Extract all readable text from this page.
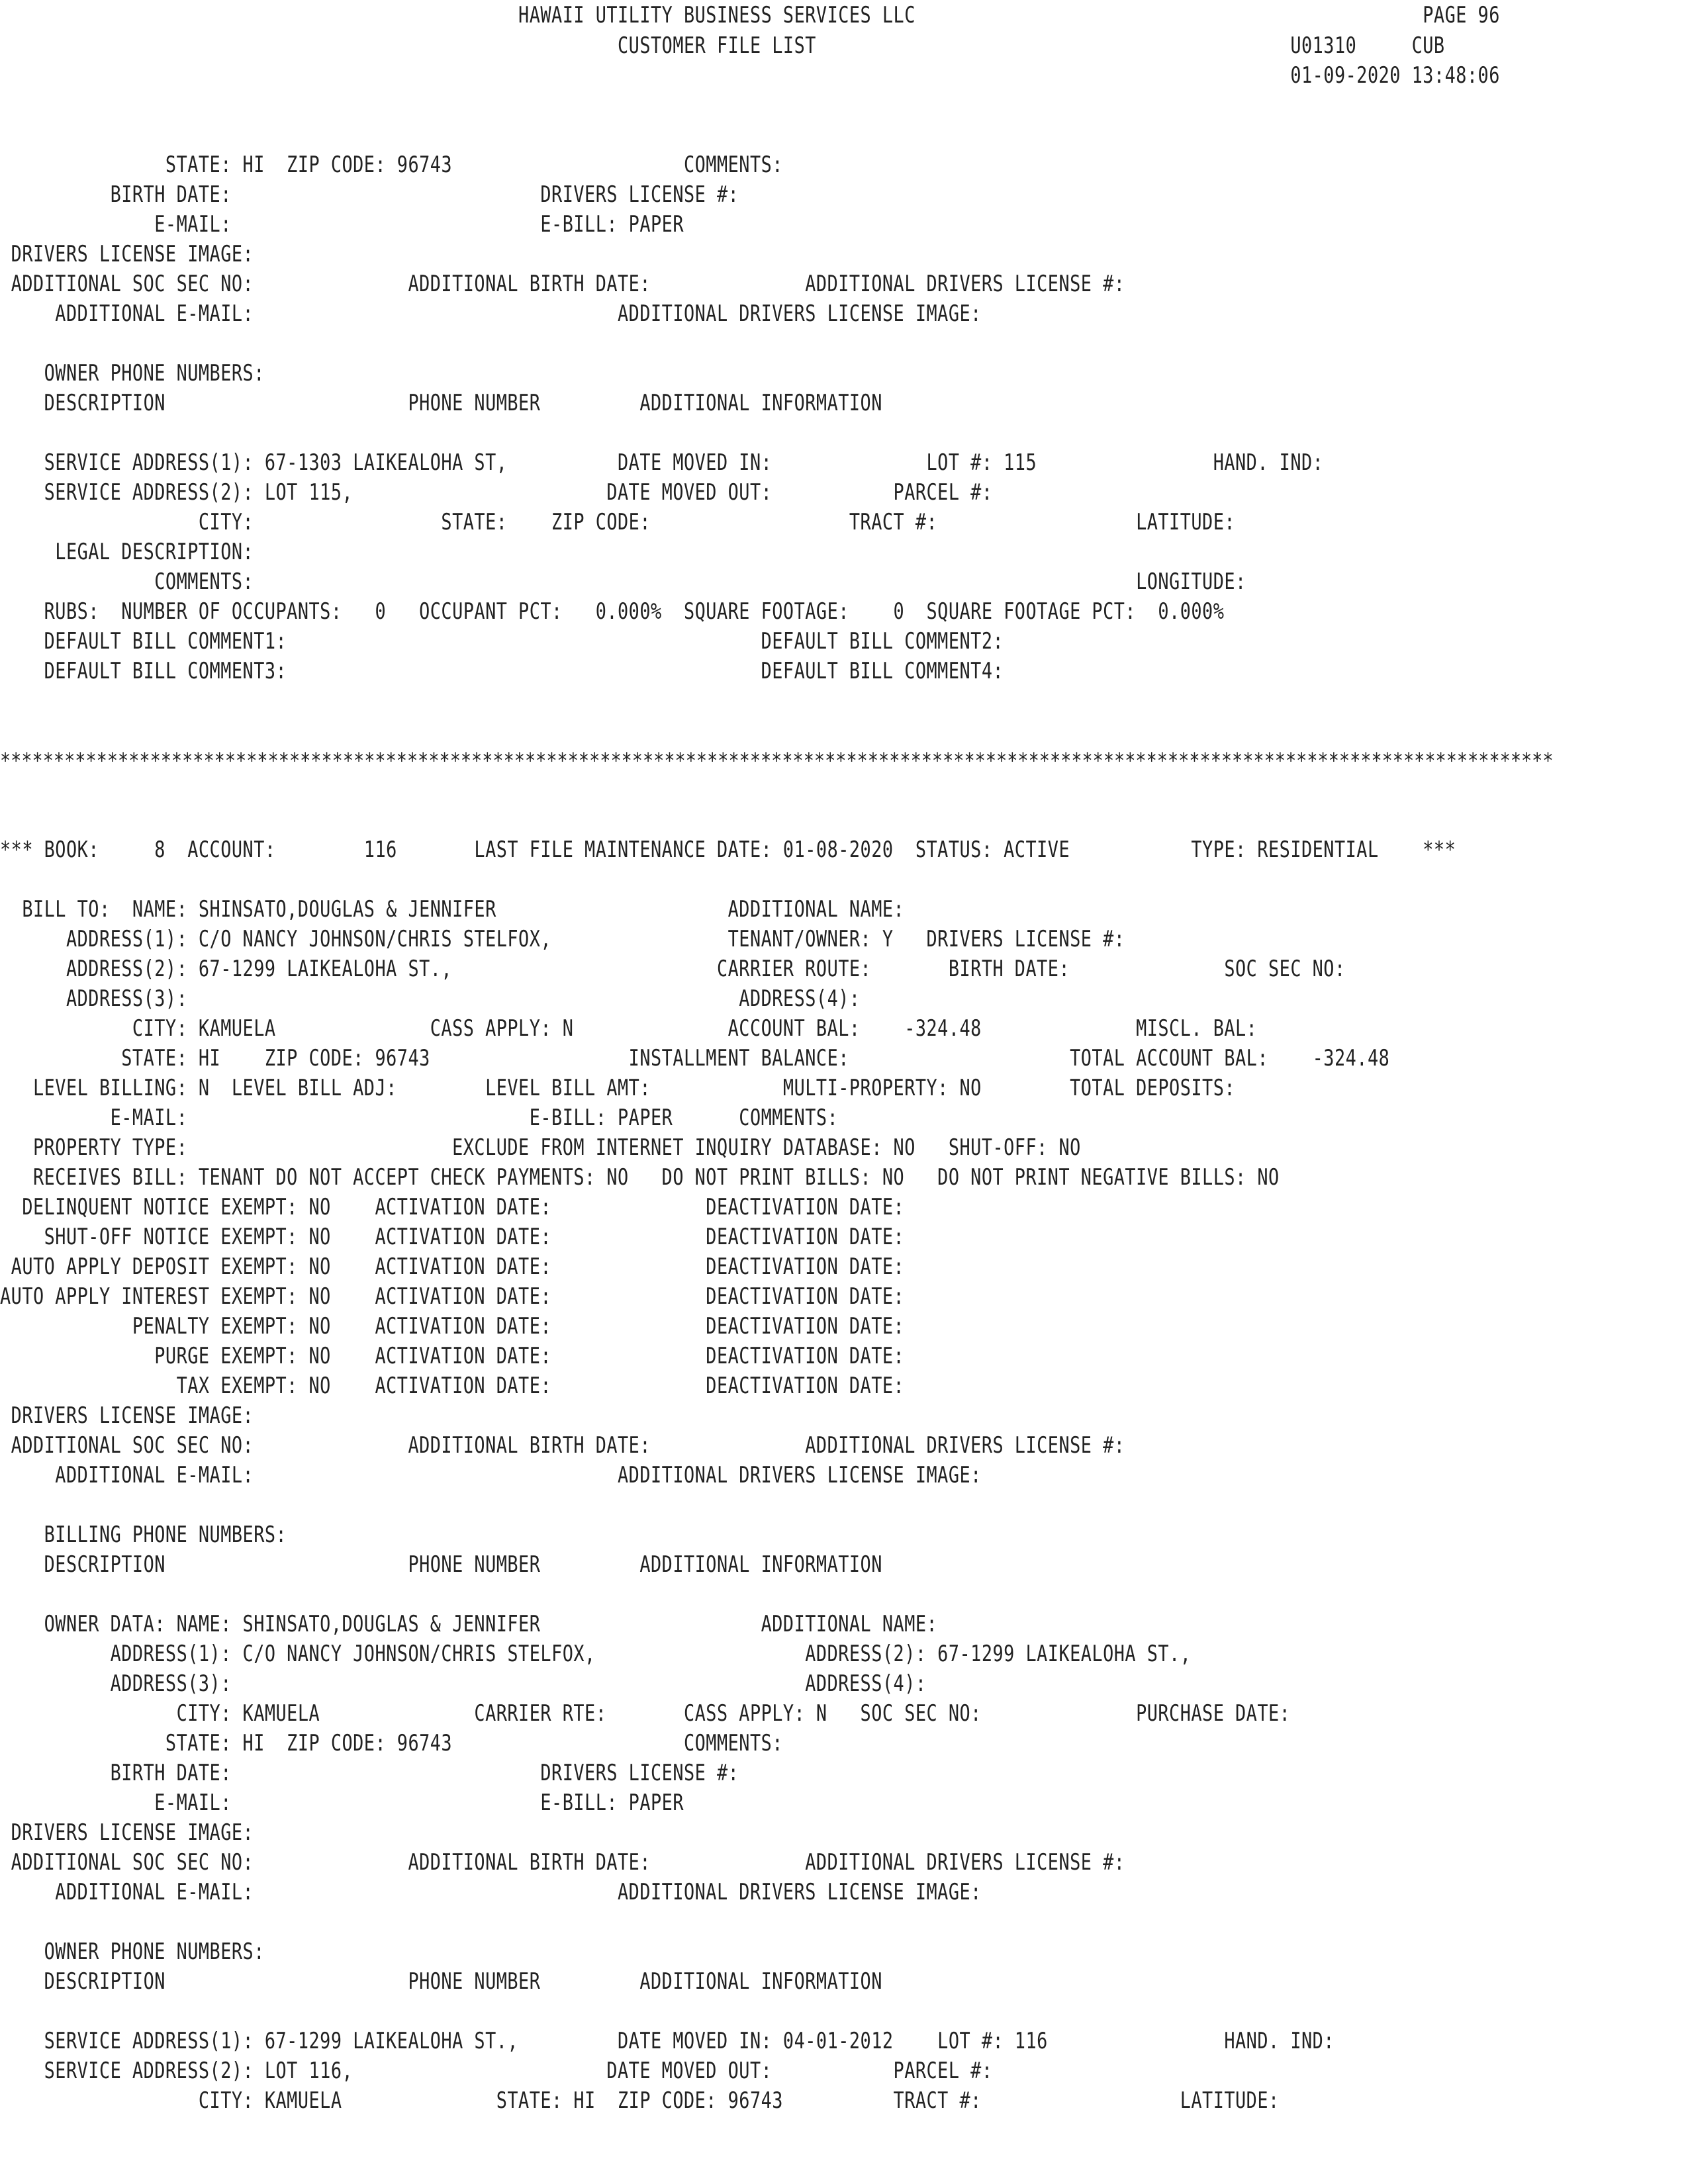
HAWAII UTILITY BUSINESS SERVICES LLC                                              PAGE 96
CUSTOMER FILE LIST                                           U01310     CUB
01-09-2020 13:48:06
STATE: HI  ZIP CODE: 96743                     COMMENTS:
BIRTH DATE:                            DRIVERS LICENSE #:
E-MAIL:                            E-BILL: PAPER
DRIVERS LICENSE IMAGE:
ADDITIONAL SOC SEC NO:              ADDITIONAL BIRTH DATE:              ADDITIONAL DRIVERS LICENSE #:
ADDITIONAL E-MAIL:                                 ADDITIONAL DRIVERS LICENSE IMAGE:
OWNER PHONE NUMBERS:
DESCRIPTION                      PHONE NUMBER         ADDITIONAL INFORMATION
SERVICE ADDRESS(1): 67-1303 LAIKEALOHA ST,          DATE MOVED IN:              LOT #: 115                HAND. IND:
SERVICE ADDRESS(2): LOT 115,                       DATE MOVED OUT:           PARCEL #:
CITY:                 STATE:    ZIP CODE:                  TRACT #:                  LATITUDE:
LEGAL DESCRIPTION:
COMMENTS:                                                                                LONGITUDE:
RUBS:  NUMBER OF OCCUPANTS:   0   OCCUPANT PCT:   0.000%  SQUARE FOOTAGE:    0  SQUARE FOOTAGE PCT:  0.000%
DEFAULT BILL COMMENT1:                                           DEFAULT BILL COMMENT2:
DEFAULT BILL COMMENT3:                                           DEFAULT BILL COMMENT4:
*************************************************************************************************************************************************
*** BOOK:     8  ACCOUNT:        116       LAST FILE MAINTENANCE DATE: 01-08-2020  STATUS: ACTIVE           TYPE: RESIDENTIAL    ***
BILL TO:  NAME: SHINSATO,DOUGLAS & JENNIFER                     ADDITIONAL NAME:
ADDRESS(1): C/O NANCY JOHNSON/CHRIS STELFOX,                TENANT/OWNER: Y   DRIVERS LICENSE #:
ADDRESS(2): 67-1299 LAIKEALOHA ST.,                        CARRIER ROUTE:       BIRTH DATE:              SOC SEC NO:
ADDRESS(3):                                                  ADDRESS(4):
CITY: KAMUELA              CASS APPLY: N              ACCOUNT BAL:    -324.48              MISCL. BAL:
STATE: HI    ZIP CODE: 96743                  INSTALLMENT BALANCE:                    TOTAL ACCOUNT BAL:    -324.48
LEVEL BILLING: N  LEVEL BILL ADJ:        LEVEL BILL AMT:            MULTI-PROPERTY: NO        TOTAL DEPOSITS:
E-MAIL:                               E-BILL: PAPER      COMMENTS:
PROPERTY TYPE:                        EXCLUDE FROM INTERNET INQUIRY DATABASE: NO   SHUT-OFF: NO
RECEIVES BILL: TENANT DO NOT ACCEPT CHECK PAYMENTS: NO   DO NOT PRINT BILLS: NO   DO NOT PRINT NEGATIVE BILLS: NO
DELINQUENT NOTICE EXEMPT: NO    ACTIVATION DATE:              DEACTIVATION DATE:
SHUT-OFF NOTICE EXEMPT: NO    ACTIVATION DATE:              DEACTIVATION DATE:
AUTO APPLY DEPOSIT EXEMPT: NO    ACTIVATION DATE:              DEACTIVATION DATE:
AUTO APPLY INTEREST EXEMPT: NO    ACTIVATION DATE:              DEACTIVATION DATE:
PENALTY EXEMPT: NO    ACTIVATION DATE:              DEACTIVATION DATE:
PURGE EXEMPT: NO    ACTIVATION DATE:              DEACTIVATION DATE:
TAX EXEMPT: NO    ACTIVATION DATE:              DEACTIVATION DATE:
DRIVERS LICENSE IMAGE:
ADDITIONAL SOC SEC NO:              ADDITIONAL BIRTH DATE:              ADDITIONAL DRIVERS LICENSE #:
ADDITIONAL E-MAIL:                                 ADDITIONAL DRIVERS LICENSE IMAGE:
BILLING PHONE NUMBERS:
DESCRIPTION                      PHONE NUMBER         ADDITIONAL INFORMATION
OWNER DATA: NAME: SHINSATO,DOUGLAS & JENNIFER                    ADDITIONAL NAME:
ADDRESS(1): C/O NANCY JOHNSON/CHRIS STELFOX,                   ADDRESS(2): 67-1299 LAIKEALOHA ST.,
ADDRESS(3):                                                    ADDRESS(4):
CITY: KAMUELA              CARRIER RTE:       CASS APPLY: N   SOC SEC NO:              PURCHASE DATE:
STATE: HI  ZIP CODE: 96743                     COMMENTS:
BIRTH DATE:                            DRIVERS LICENSE #:
E-MAIL:                            E-BILL: PAPER
DRIVERS LICENSE IMAGE:
ADDITIONAL SOC SEC NO:              ADDITIONAL BIRTH DATE:              ADDITIONAL DRIVERS LICENSE #:
ADDITIONAL E-MAIL:                                 ADDITIONAL DRIVERS LICENSE IMAGE:
OWNER PHONE NUMBERS:
DESCRIPTION                      PHONE NUMBER         ADDITIONAL INFORMATION
SERVICE ADDRESS(1): 67-1299 LAIKEALOHA ST.,         DATE MOVED IN: 04-01-2012    LOT #: 116                HAND. IND:
SERVICE ADDRESS(2): LOT 116,                       DATE MOVED OUT:           PARCEL #:
CITY: KAMUELA              STATE: HI  ZIP CODE: 96743          TRACT #:                  LATITUDE:
